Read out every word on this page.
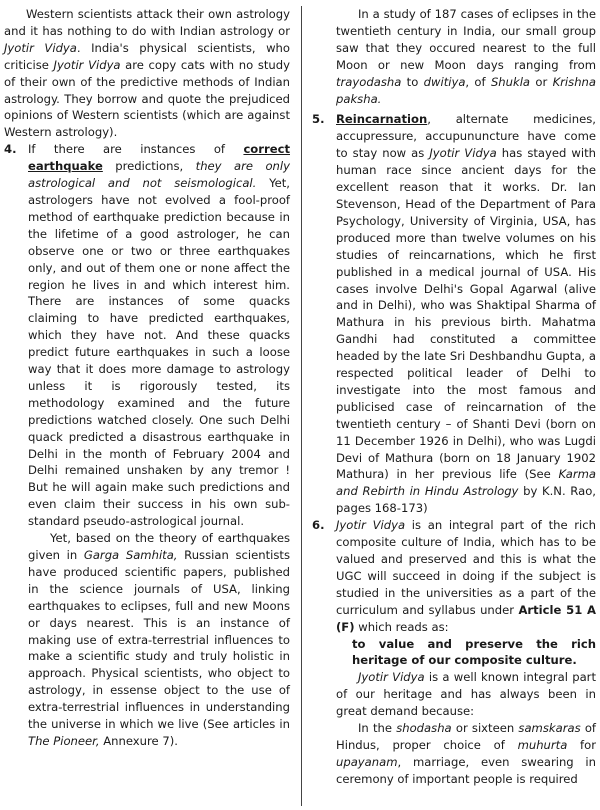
Western scientists attack their own astrology and it has nothing to do with Indian astrology or Jyotir Vidya. India's physical scientists, who criticise Jyotir Vidya are copy cats with no study of their own of the predictive methods of Indian astrology. They borrow and quote the prejudiced opinions of Western scientists (which are against Western astrology).

4. If there are instances of correct earthquake predictions, they are only astrological and not seismological. Yet, astrologers have not evolved a fool-proof method of earthquake prediction because in the lifetime of a good astrologer, he can observe one or two or three earthquakes only, and out of them one or none affect the region he lives in and which interest him. There are instances of some quacks claiming to have predicted earthquakes, which they have not. And these quacks predict future earthquakes in such a loose way that it does more damage to astrology unless it is rigorously tested, its methodology examined and the future predictions watched closely. One such Delhi quack predicted a disastrous earthquake in Delhi in the month of February 2004 and Delhi remained unshaken by any tremor ! But he will again make such predictions and even claim their success in his own sub-standard pseudo-astrological journal.

Yet, based on the theory of earthquakes given in Garga Samhita, Russian scientists have produced scientific papers, published in the science journals of USA, linking earthquakes to eclipses, full and new Moons or days nearest. This is an instance of making use of extra-terrestrial influences to make a scientific study and truly holistic in approach. Physical scientists, who object to astrology, in essense object to the use of extra-terrestrial influences in understanding the universe in which we live (See articles in The Pioneer, Annexure 7).

In a study of 187 cases of eclipses in the twentieth century in India, our small group saw that they occured nearest to the full Moon or new Moon days ranging from trayodasha to dwitiya, of Shukla or Krishna paksha.

5. Reincarnation, alternate medicines, accupressure, accupununcture have come to stay now as Jyotir Vidya has stayed with human race since ancient days for the excellent reason that it works. Dr. Ian Stevenson, Head of the Department of Para Psychology, University of Virginia, USA, has produced more than twelve volumes on his studies of reincarnations, which he first published in a medical journal of USA. His cases involve Delhi's Gopal Agarwal (alive and in Delhi), who was Shaktipal Sharma of Mathura in his previous birth. Mahatma Gandhi had constituted a committee headed by the late Sri Deshbandhu Gupta, a respected political leader of Delhi to investigate into the most famous and publicised case of reincarnation of the twentieth century – of Shanti Devi (born on 11 December 1926 in Delhi), who was Lugdi Devi of Mathura (born on 18 January 1902 Mathura) in her previous life (See Karma and Rebirth in Hindu Astrology by K.N. Rao, pages 168-173)
6. Jyotir Vidya is an integral part of the rich composite culture of India, which has to be valued and preserved and this is what the UGC will succeed in doing if the subject is studied in the universities as a part of the curriculum and syllabus under Article 51 A (F) which reads as:

to value and preserve the rich heritage of our composite culture.

Jyotir Vidya is a well known integral part of our heritage and has always been in great demand because:

In the shodasha or sixteen samskaras of Hindus, proper choice of muhurta for upayanam, marriage, even swearing in ceremony of important people is required
